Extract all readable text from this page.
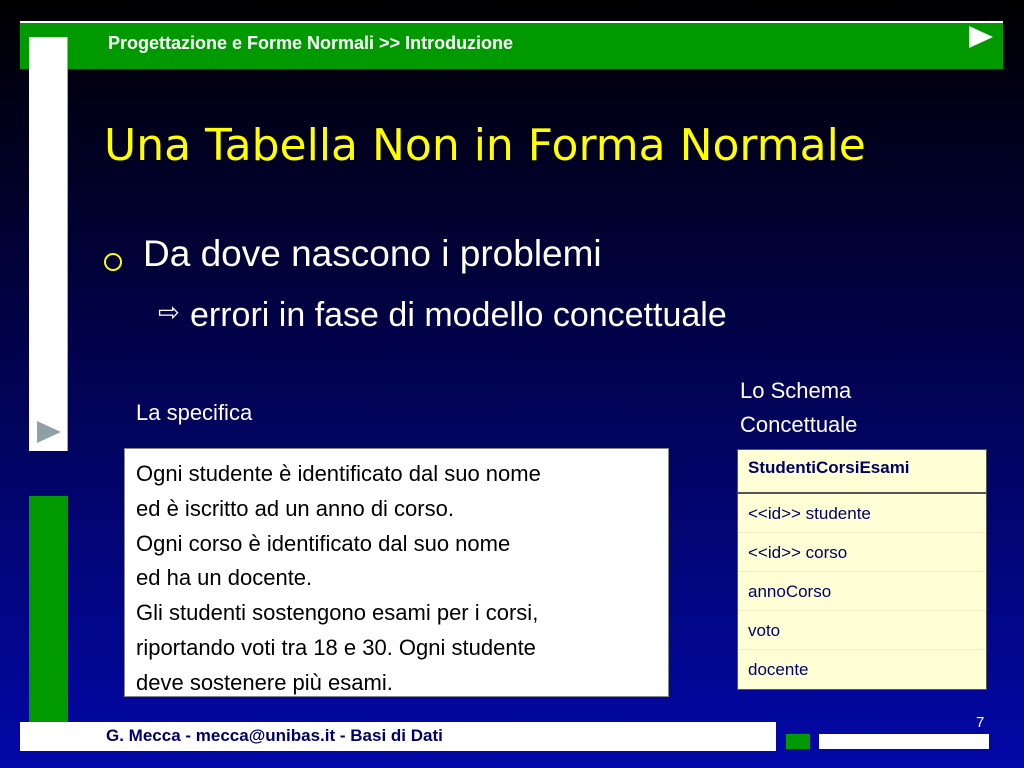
Progettazione e Forme Normali >> Introduzione
Una Tabella Non in Forma Normale
Da dove nascono i problemi
⇨ errori in fase di modello concettuale
La specifica
Lo Schema
Concettuale
Ogni studente è identificato dal suo nome
ed è iscritto ad un anno di corso.
Ogni corso è identificato dal suo nome
ed ha un docente.
Gli studenti sostengono esami per i corsi,
riportando voti tra 18 e 30. Ogni studente
deve sostenere più esami.
StudentiCorsiEsami
<<id>> studente
<<id>> corso
annoCorso
voto
docente
G. Mecca - mecca@unibas.it - Basi di Dati
7
